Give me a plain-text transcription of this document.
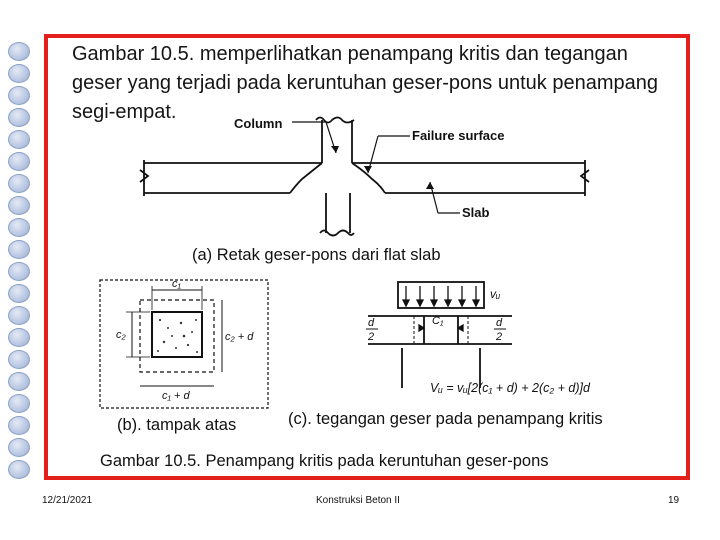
Gambar 10.5. memperlihatkan penampang kritis dan tegangan
geser yang terjadi pada keruntuhan geser-pons untuk penampang
segi-empat.
Column
Failure surface
Slab
(a) Retak geser-pons dari flat slab
c₁
c₂	c₂ + d
c₁ + d
vᵤ
C₁
d
2
d
2
Vᵤ = vᵤ[2(c₁ + d) + 2(c₂ + d)]d
(b). tampak atas	(c). tegangan geser pada penampang kritis
Gambar 10.5. Penampang kritis pada keruntuhan geser-pons
12/21/2021	Konstruksi Beton II	19
